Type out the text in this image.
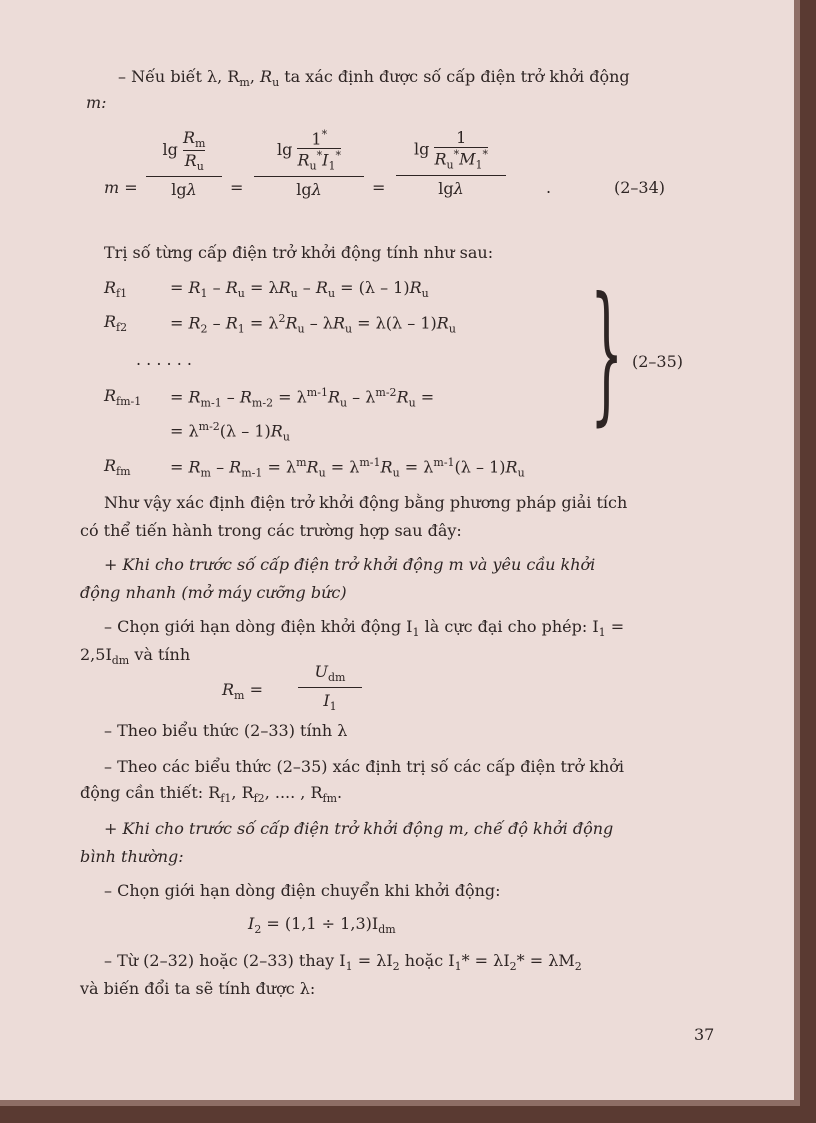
– Nếu biết λ, $R_m$, $R_u$ ta xác định được số cấp điện trở khởi động
m:
m =
$\lg \frac{R_m}{R_u}$
lgλ	=
$\lg \frac{1^*}{R_u^*I_1^*}$
lgλ	=
$\lg \frac{1}{R_u^*M_1^*}$
lgλ	.	(2–34)
Trị số từng cấp điện trở khởi động tính như sau:
$R_{f1}$	= $R_1 - R_u = \lambda R_u - R_u = (\lambda - 1)R_u$
$R_{f2}$	= $R_2 - R_1 = \lambda^2R_u - \lambda R_u = \lambda(\lambda - 1)R_u$
. . . . . .
$R_{fm-1} = R_{m-1} - R_{m-2} = \lambda^{m-1}R_u - \lambda^{m-2}R_u$ =
= $\lambda^{m-2}(\lambda - 1)R_u$ } (2–35)
$R_{fm} = R_m - R_{m-1} = \lambda^mR_u = \lambda^{m-1}R_u = \lambda^{m-1}(\lambda - 1)R_u$
Như vậy xác định điện trở khởi động bằng phương pháp giải tích
có thể tiến hành trong các trường hợp sau đây:
+ Khi cho trước số cấp điện trở khởi động m và yêu cầu khởi
động nhanh (mở máy cưỡng bức)
– Chọn giới hạn dòng điện khởi động $I_1$ là cực đại cho phép: $I_1$ =
$2,5I_{dm}$ và tính
$R_m$ =
$U_{dm}$
$I_1$
– Theo biểu thức (2–33) tính λ
– Theo các biểu thức (2–35) xác định trị số các cấp điện trở khởi
động cần thiết: $R_{f1}$, $R_{f2}$, .... , $R_{fm}$.
+ Khi cho trước số cấp điện trở khởi động m, chế độ khởi động
bình thường:
– Chọn giới hạn dòng điện chuyển khi khởi động:
$I_2 = (1,1 \div 1,3)I_{dm}$
– Từ (2–32) hoặc (2–33) thay $I_1 = \lambda I_2$ hoặc $I_1* = \lambda I_2* = \lambda M_2$
và biến đổi ta sẽ tính được λ:
37
